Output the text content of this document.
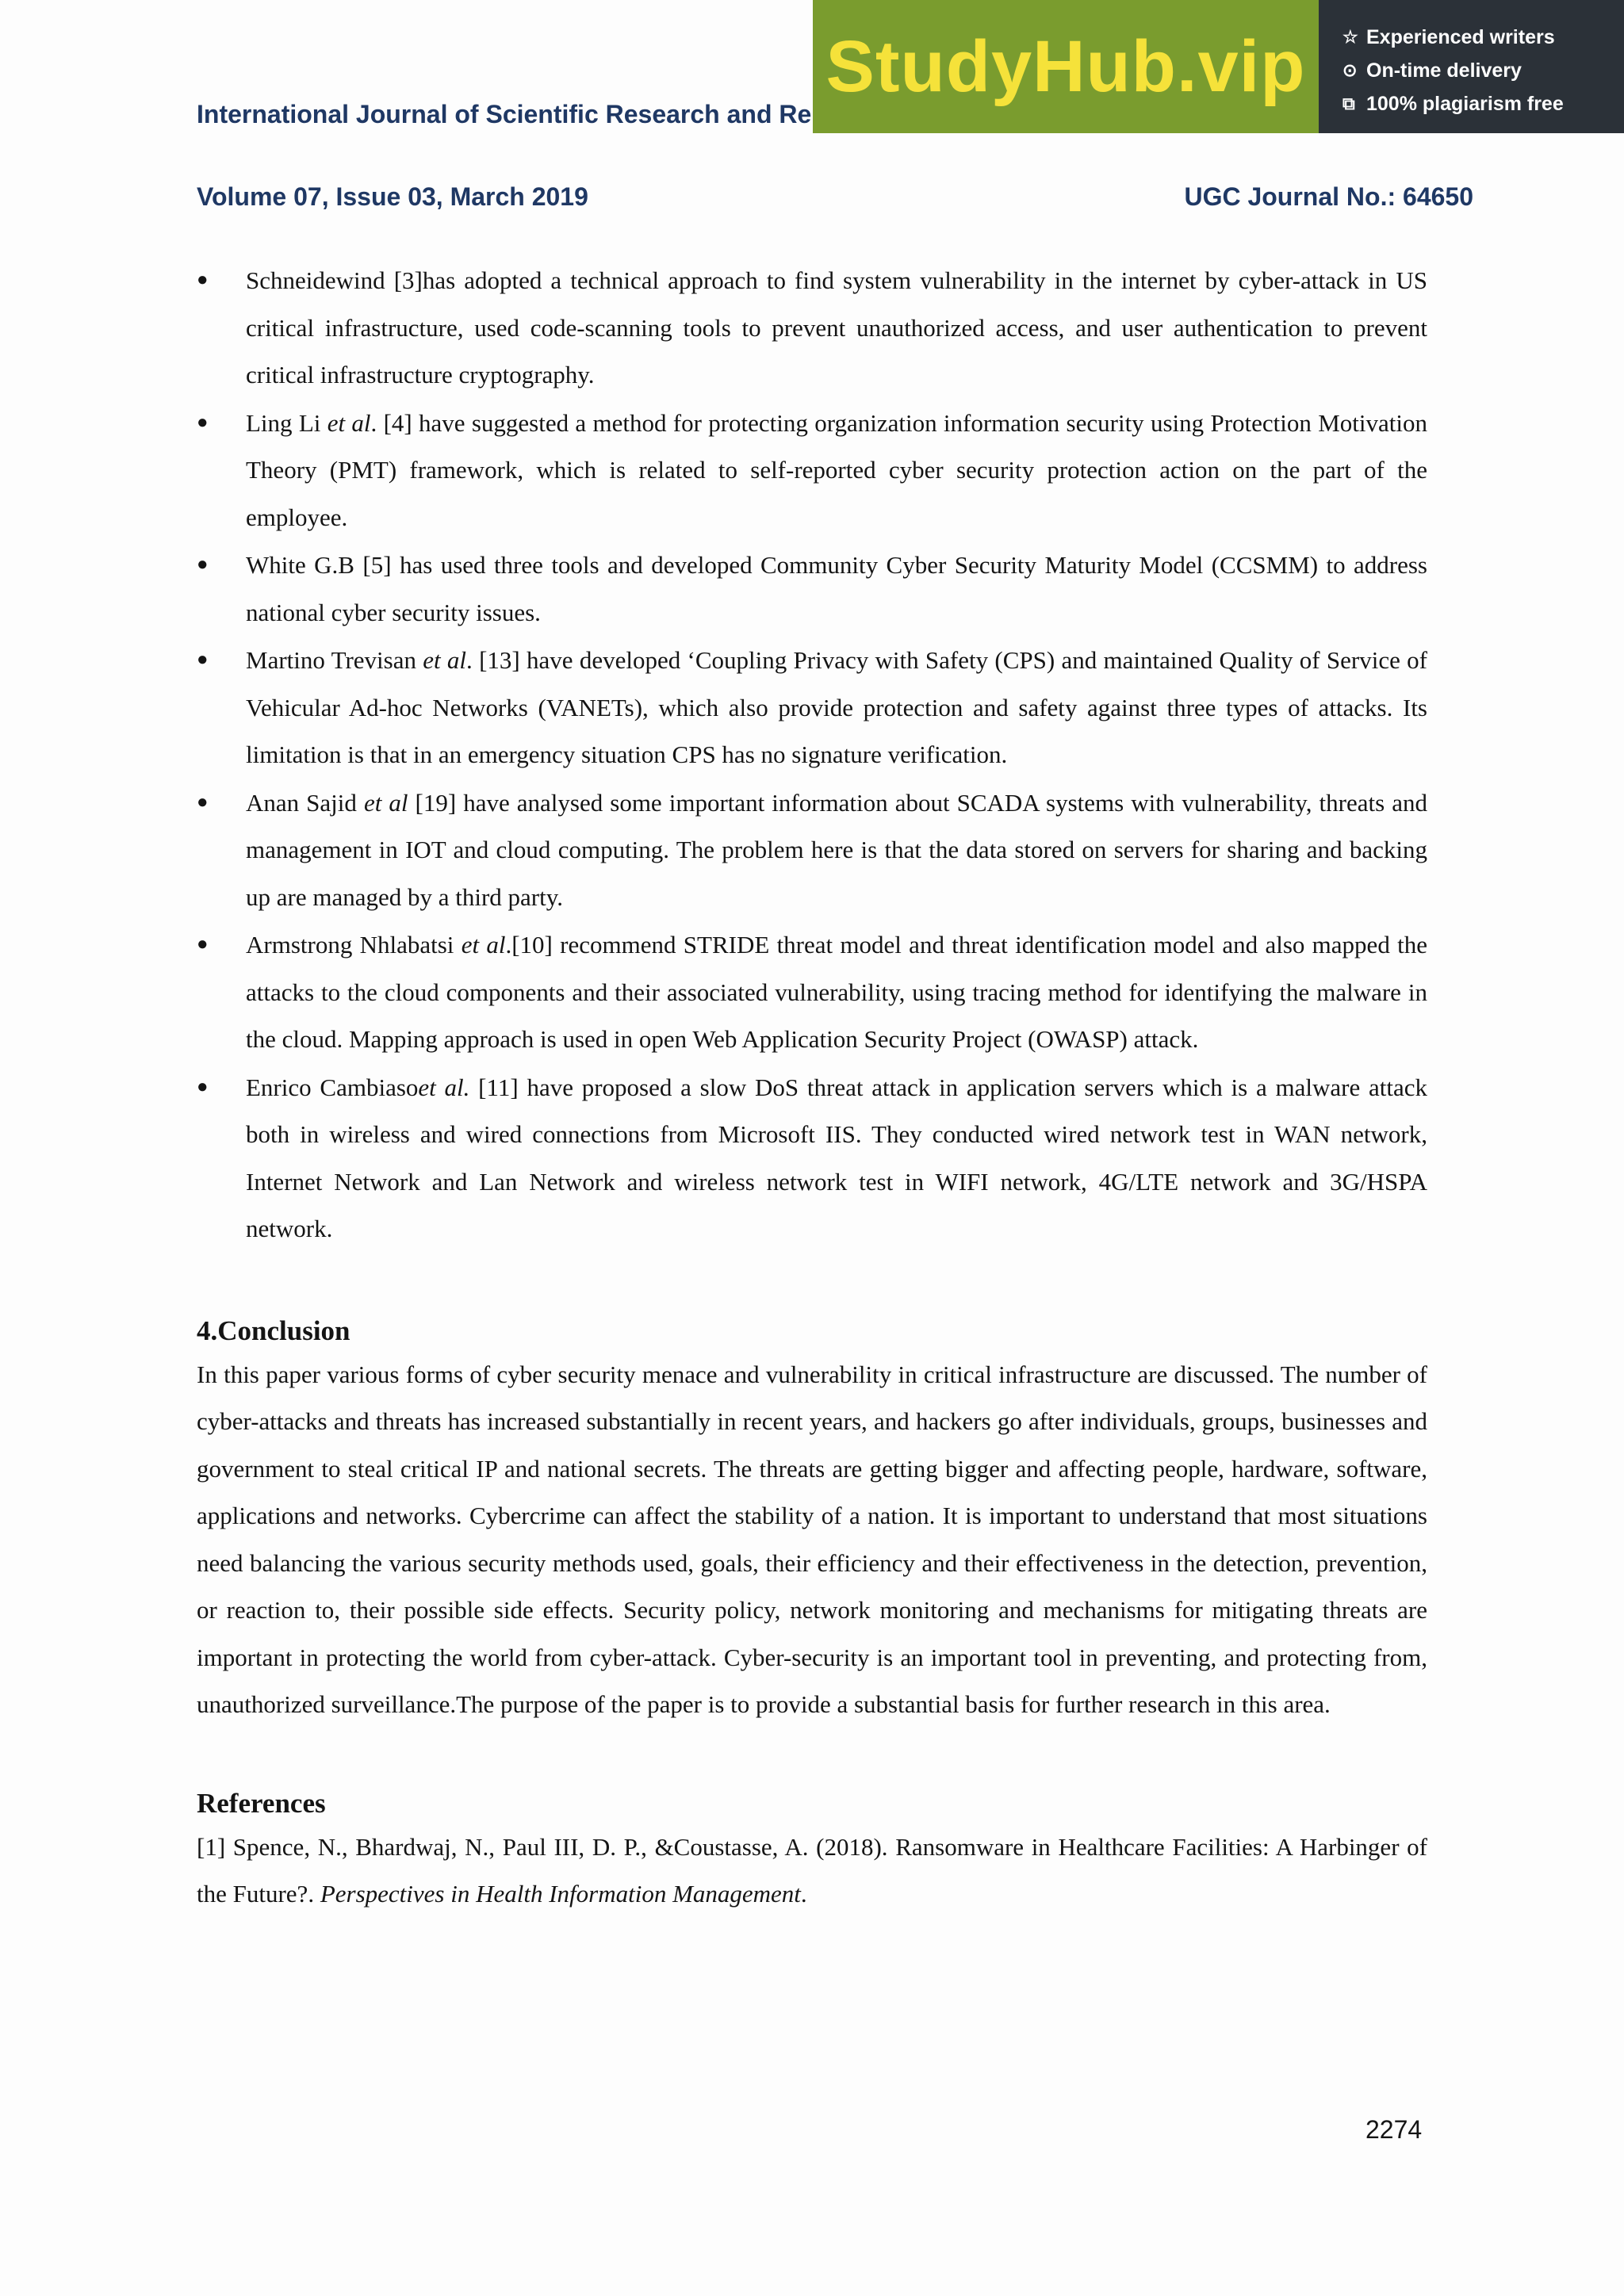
International Journal of Scientific Research and Re
Volume 07, Issue 03, March 2019	UGC Journal No.: 64650
StudyHub.vip ☆ Experienced writers
⊙ On-time delivery
⧉ 100% plagiarism free
● Schneidewind [3]has adopted a technical approach to find system vulnerability in the internet by cyber-attack in US critical infrastructure, used code-scanning tools to prevent unauthorized access, and user authentication to prevent critical infrastructure cryptography.
● Ling Li et al. [4] have suggested a method for protecting organization information security using Protection Motivation Theory (PMT) framework, which is related to self-reported cyber security protection action on the part of the employee.
● White G.B [5] has used three tools and developed Community Cyber Security Maturity Model (CCSMM) to address national cyber security issues.
● Martino Trevisan et al. [13] have developed ‘Coupling Privacy with Safety (CPS) and maintained Quality of Service of Vehicular Ad-hoc Networks (VANETs), which also provide protection and safety against three types of attacks. Its limitation is that in an emergency situation CPS has no signature verification.
● Anan Sajid et al [19] have analysed some important information about SCADA systems with vulnerability, threats and management in IOT and cloud computing. The problem here is that the data stored on servers for sharing and backing up are managed by a third party.
● Armstrong Nhlabatsi et al.[10] recommend STRIDE threat model and threat identification model and also mapped the attacks to the cloud components and their associated vulnerability, using tracing method for identifying the malware in the cloud. Mapping approach is used in open Web Application Security Project (OWASP) attack.
● Enrico Cambiasoet al. [11] have proposed a slow DoS threat attack in application servers which is a malware attack both in wireless and wired connections from Microsoft IIS. They conducted wired network test in WAN network, Internet Network and Lan Network and wireless network test in WIFI network, 4G/LTE network and 3G/HSPA network.
4.Conclusion

In this paper various forms of cyber security menace and vulnerability in critical infrastructure are discussed. The number of cyber-attacks and threats has increased substantially in recent years, and hackers go after individuals, groups, businesses and government to steal critical IP and national secrets. The threats are getting bigger and affecting people, hardware, software, applications and networks. Cybercrime can affect the stability of a nation. It is important to understand that most situations need balancing the various security methods used, goals, their efficiency and their effectiveness in the detection, prevention, or reaction to, their possible side effects. Security policy, network monitoring and mechanisms for mitigating threats are important in protecting the world from cyber-attack. Cyber-security is an important tool in preventing, and protecting from, unauthorized surveillance.The purpose of the paper is to provide a substantial basis for further research in this area.

References

[1] Spence, N., Bhardwaj, N., Paul III, D. P., &Coustasse, A. (2018). Ransomware in Healthcare Facilities: A Harbinger of the Future?. Perspectives in Health Information Management.

2274
